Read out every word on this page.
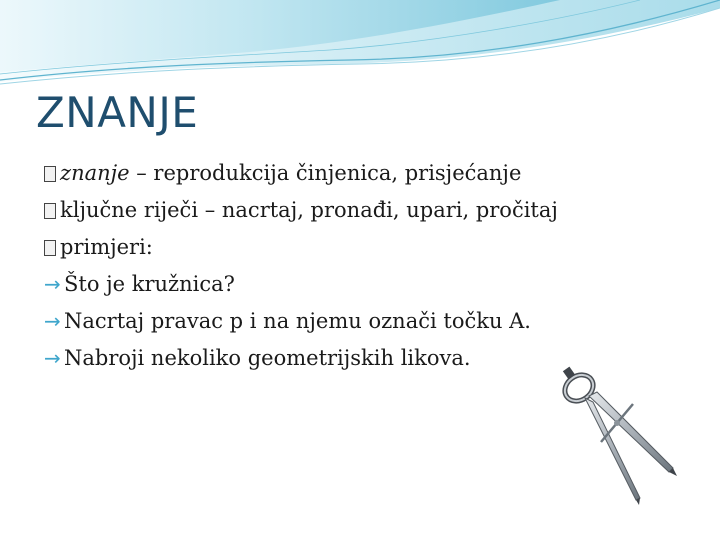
ZNANJE
znanje – reprodukcija činjenica, prisjećanje
ključne riječi – nacrtaj, pronađi, upari, pročitaj
primjeri:
→ Što je kružnica?
→ Nacrtaj pravac p i na njemu označi točku A.
→ Nabroji nekoliko geometrijskih likova.
